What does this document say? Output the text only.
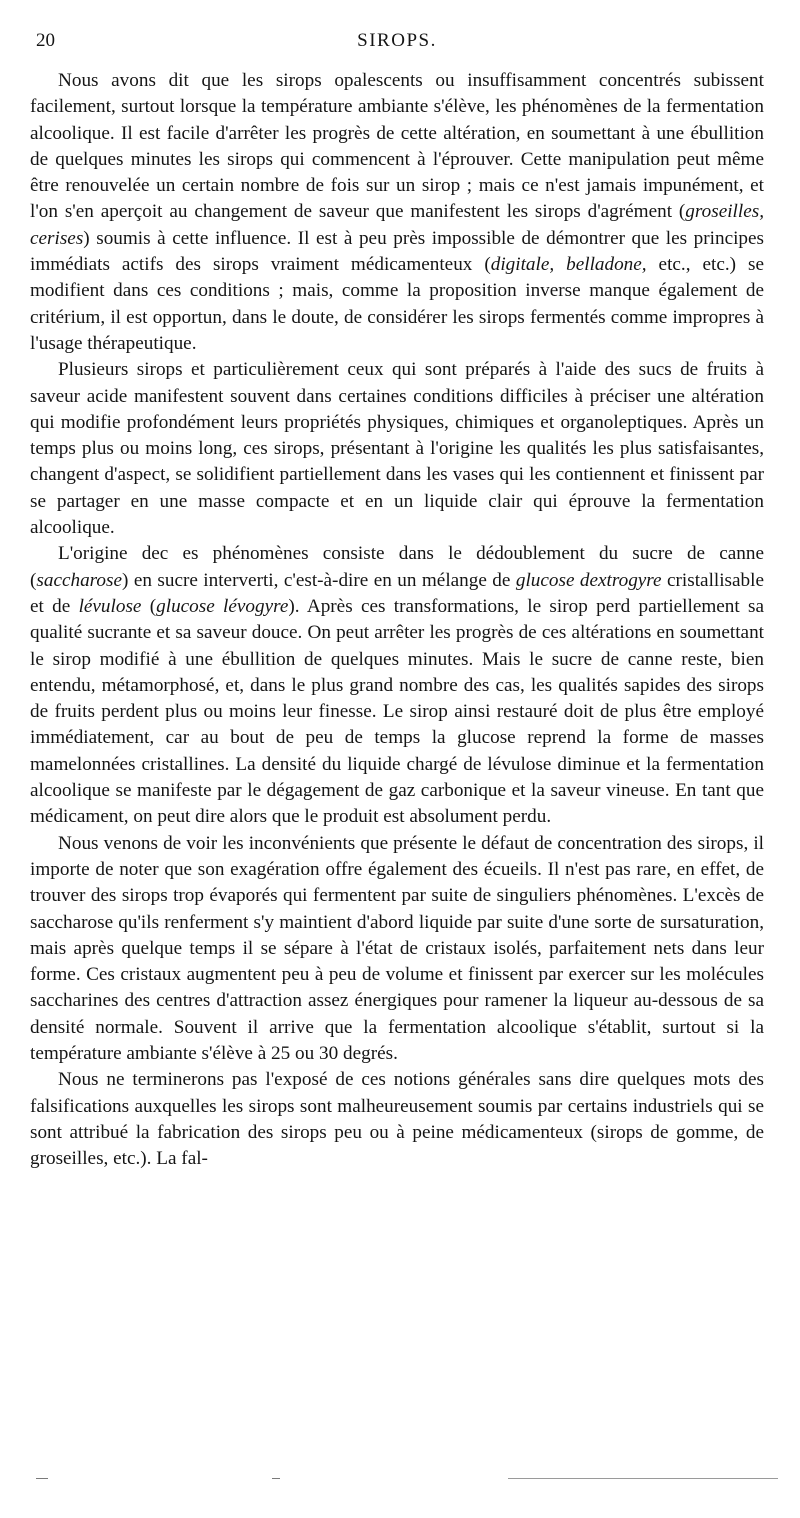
20	SIROPS.

Nous avons dit que les sirops opalescents ou insuffisamment concentrés subissent facilement, surtout lorsque la température ambiante s'élève, les phénomènes de la fermentation alcoolique. Il est facile d'arrêter les progrès de cette altération, en soumettant à une ébullition de quelques minutes les sirops qui commencent à l'éprouver. Cette manipulation peut même être renouvelée un certain nombre de fois sur un sirop ; mais ce n'est jamais impunément, et l'on s'en aperçoit au changement de saveur que manifestent les sirops d'agrément (groseilles, cerises) soumis à cette influence. Il est à peu près impossible de démontrer que les principes immédiats actifs des sirops vraiment médicamenteux (digitale, belladone, etc., etc.) se modifient dans ces conditions ; mais, comme la proposition inverse manque également de critérium, il est opportun, dans le doute, de considérer les sirops fermentés comme impropres à l'usage thérapeutique.

Plusieurs sirops et particulièrement ceux qui sont préparés à l'aide des sucs de fruits à saveur acide manifestent souvent dans certaines conditions difficiles à préciser une altération qui modifie profondément leurs propriétés physiques, chimiques et organoleptiques. Après un temps plus ou moins long, ces sirops, présentant à l'origine les qualités les plus satisfaisantes, changent d'aspect, se solidifient partiellement dans les vases qui les contiennent et finissent par se partager en une masse compacte et en un liquide clair qui éprouve la fermentation alcoolique.

L'origine dec es phénomènes consiste dans le dédoublement du sucre de canne (saccharose) en sucre interverti, c'est-à-dire en un mélange de glucose dextrogyre cristallisable et de lévulose (glucose lévogyre). Après ces transformations, le sirop perd partiellement sa qualité sucrante et sa saveur douce. On peut arrêter les progrès de ces altérations en soumettant le sirop modifié à une ébullition de quelques minutes. Mais le sucre de canne reste, bien entendu, métamorphosé, et, dans le plus grand nombre des cas, les qualités sapides des sirops de fruits perdent plus ou moins leur finesse. Le sirop ainsi restauré doit de plus être employé immédiatement, car au bout de peu de temps la glucose reprend la forme de masses mamelonnées cristallines. La densité du liquide chargé de lévulose diminue et la fermentation alcoolique se manifeste par le dégagement de gaz carbonique et la saveur vineuse. En tant que médicament, on peut dire alors que le produit est absolument perdu.

Nous venons de voir les inconvénients que présente le défaut de concentration des sirops, il importe de noter que son exagération offre également des écueils. Il n'est pas rare, en effet, de trouver des sirops trop évaporés qui fermentent par suite de singuliers phénomènes. L'excès de saccharose qu'ils renferment s'y maintient d'abord liquide par suite d'une sorte de sursaturation, mais après quelque temps il se sépare à l'état de cristaux isolés, parfaitement nets dans leur forme. Ces cristaux augmentent peu à peu de volume et finissent par exercer sur les molécules saccharines des centres d'attraction assez énergiques pour ramener la liqueur au-dessous de sa densité normale. Souvent il arrive que la fermentation alcoolique s'établit, surtout si la température ambiante s'élève à 25 ou 30 degrés.

Nous ne terminerons pas l'exposé de ces notions générales sans dire quelques mots des falsifications auxquelles les sirops sont malheureusement soumis par certains industriels qui se sont attribué la fabrication des sirops peu ou à peine médicamenteux (sirops de gomme, de groseilles, etc.). La fal-
